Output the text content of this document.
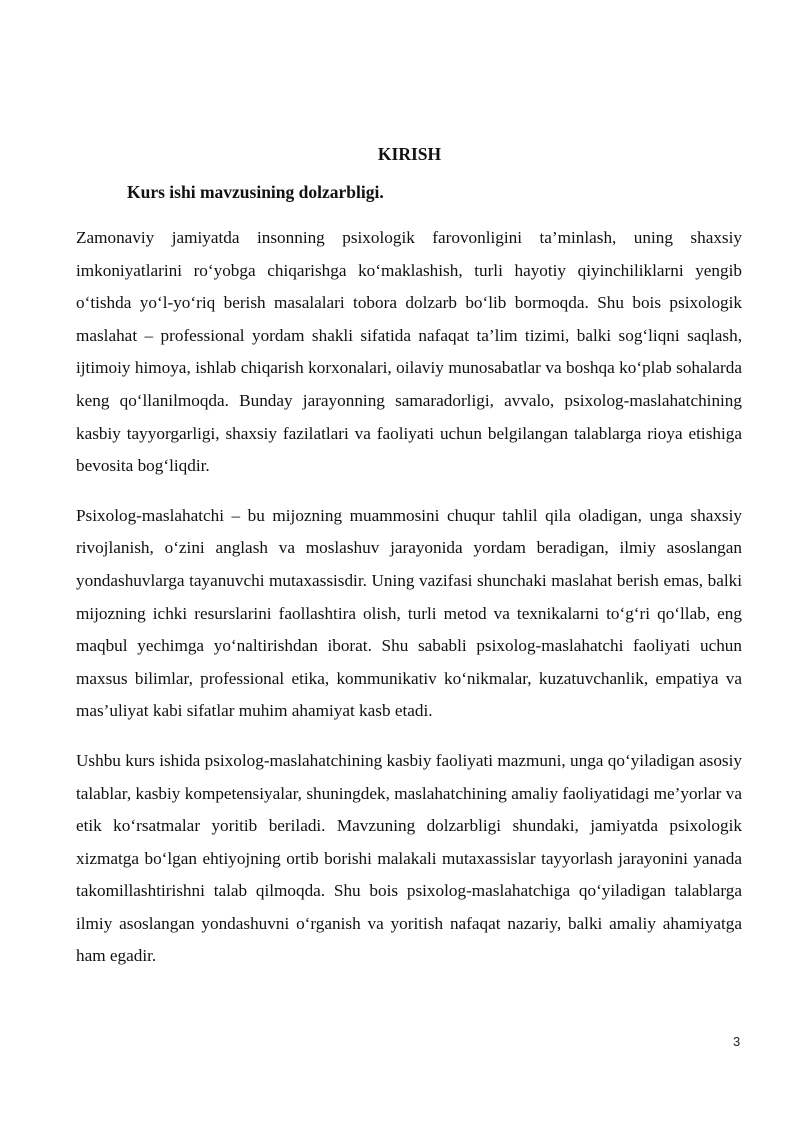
KIRISH
Kurs ishi mavzusining dolzarbligi.

Zamonaviy jamiyatda insonning psixologik farovonligini ta’minlash, uning shaxsiy imkoniyatlarini ro‘yobga chiqarishga ko‘maklashish, turli hayotiy qiyinchiliklarni yengib o‘tishda yo‘l-yo‘riq berish masalalari tobora dolzarb bo‘lib bormoqda. Shu bois psixologik maslahat – professional yordam shakli sifatida nafaqat ta’lim tizimi, balki sog‘liqni saqlash, ijtimoiy himoya, ishlab chiqarish korxonalari, oilaviy munosabatlar va boshqa ko‘plab sohalarda keng qo‘llanilmoqda. Bunday jarayonning samaradorligi, avvalo, psixolog-maslahatchining kasbiy tayyorgarligi, shaxsiy fazilatlari va faoliyati uchun belgilangan talablarga rioya etishiga bevosita bog‘liqdir.

Psixolog-maslahatchi – bu mijozning muammosini chuqur tahlil qila oladigan, unga shaxsiy rivojlanish, o‘zini anglash va moslashuv jarayonida yordam beradigan, ilmiy asoslangan yondashuvlarga tayanuvchi mutaxassisdir. Uning vazifasi shunchaki maslahat berish emas, balki mijozning ichki resurslarini faollashtira olish, turli metod va texnikalarni to‘g‘ri qo‘llab, eng maqbul yechimga yo‘naltirishdan iborat. Shu sababli psixolog-maslahatchi faoliyati uchun maxsus bilimlar, professional etika, kommunikativ ko‘nikmalar, kuzatuvchanlik, empatiya va mas’uliyat kabi sifatlar muhim ahamiyat kasb etadi.

Ushbu kurs ishida psixolog-maslahatchining kasbiy faoliyati mazmuni, unga qo‘yiladigan asosiy talablar, kasbiy kompetensiyalar, shuningdek, maslahatchining amaliy faoliyatidagi me’yorlar va etik ko‘rsatmalar yoritib beriladi. Mavzuning dolzarbligi shundaki, jamiyatda psixologik xizmatga bo‘lgan ehtiyojning ortib borishi malakali mutaxassislar tayyorlash jarayonini yanada takomillashtirishni talab qilmoqda. Shu bois psixolog-maslahatchiga qo‘yiladigan talablarga ilmiy asoslangan yondashuvni o‘rganish va yoritish nafaqat nazariy, balki amaliy ahamiyatga ham egadir.

3
